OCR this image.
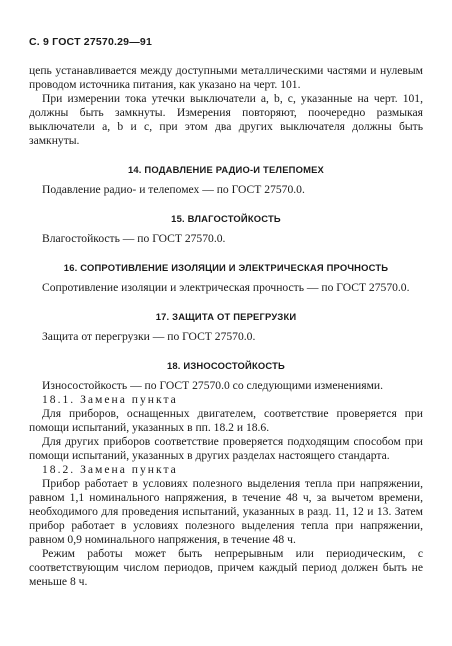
С. 9 ГОСТ 27570.29—91

цепь устанавливается между доступными металлическими частями и нулевым проводом источника питания, как указано на черт. 101.

При измерении тока утечки выключатели a, b, c, указанные на черт. 101, должны быть замкнуты. Измерения повторяют, поочередно размыкая выключатели a, b и c, при этом два других выключателя должны быть замкнуты.

14. ПОДАВЛЕНИЕ РАДИО-И ТЕЛЕПОМЕХ

Подавление радио- и телепомех — по ГОСТ 27570.0.

15. ВЛАГОСТОЙКОСТЬ

Влагостойкость — по ГОСТ 27570.0.

16. СОПРОТИВЛЕНИЕ ИЗОЛЯЦИИ И ЭЛЕКТРИЧЕСКАЯ ПРОЧНОСТЬ

Сопротивление изоляции и электрическая прочность — по ГОСТ 27570.0.

17. ЗАЩИТА ОТ ПЕРЕГРУЗКИ

Защита от перегрузки — по ГОСТ 27570.0.

18. ИЗНОСОСТОЙКОСТЬ

Износостойкость — по ГОСТ 27570.0 со следующими изменениями.

18.1. Замена пункта

Для приборов, оснащенных двигателем, соответствие проверяется при помощи испытаний, указанных в пп. 18.2 и 18.6.

Для других приборов соответствие проверяется подходящим способом при помощи испытаний, указанных в других разделах настоящего стандарта.

18.2. Замена пункта

Прибор работает в условиях полезного выделения тепла при напряжении, равном 1,1 номинального напряжения, в течение 48 ч, за вычетом времени, необходимого для проведения испытаний, указанных в разд. 11, 12 и 13. Затем прибор работает в условиях полезного выделения тепла при напряжении, равном 0,9 номинального напряжения, в течение 48 ч.

Режим работы может быть непрерывным или периодическим, с соответствующим числом периодов, причем каждый период должен быть не меньше 8 ч.
